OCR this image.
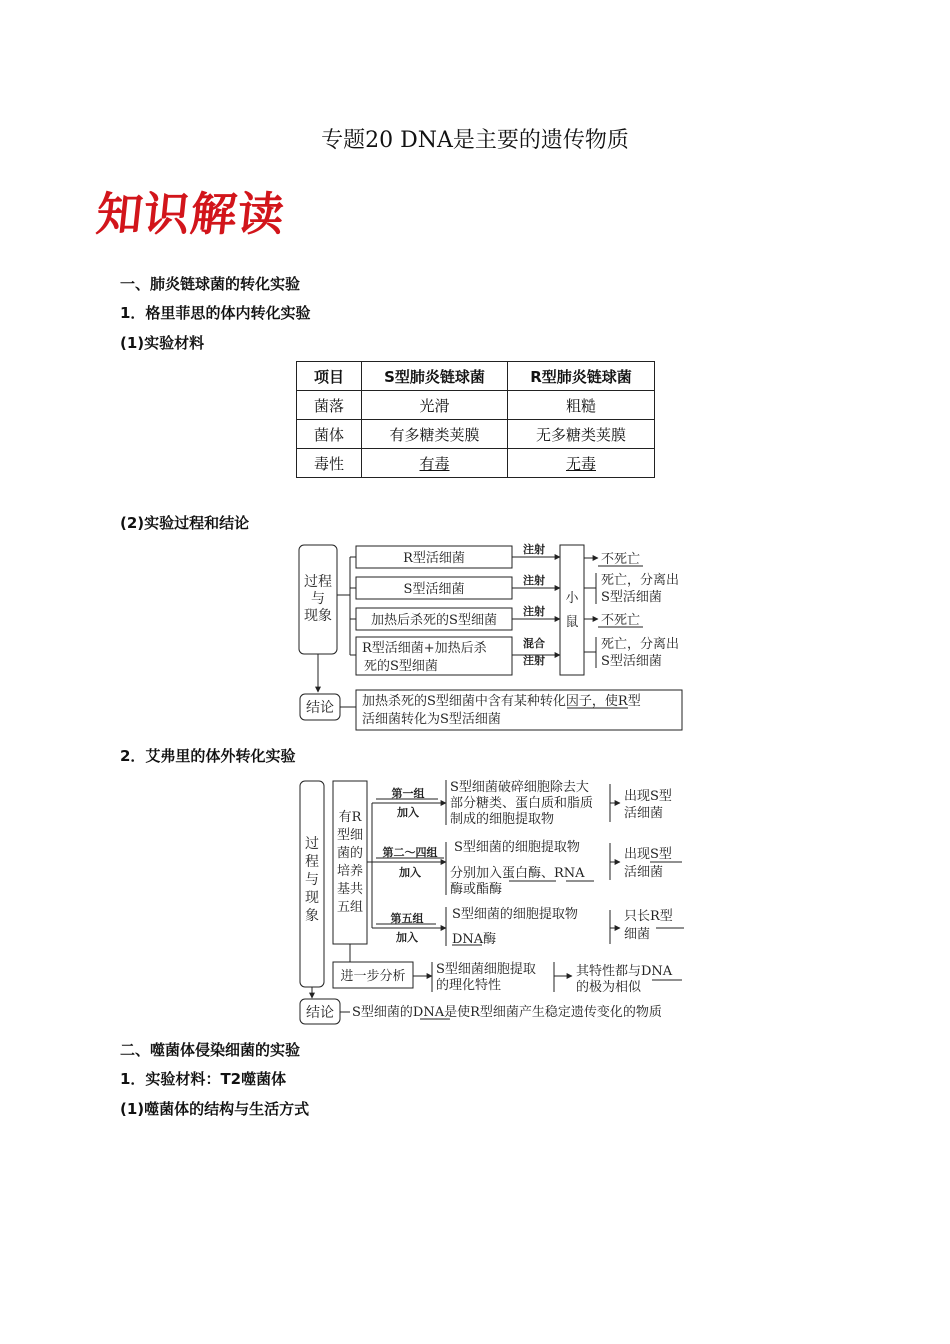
专题20 DNA是主要的遗传物质
知识解读
一、肺炎链球菌的转化实验
1．格里菲思的体内转化实验
(1)实验材料
项目	S型肺炎链球菌	R型肺炎链球菌
菌落	光滑	粗糙
菌体	有多糖类荚膜	无多糖类荚膜
毒性	有毒	无毒
(2)实验过程和结论
过程
与
现象
R型活细菌
S型活细菌
加热后杀死的S型细菌
R型活细菌+加热后杀
死的S型细菌
注射
注射
注射
混合
注射
小
鼠
不死亡
死亡，分离出
S型活细菌
不死亡
死亡，分离出
S型活细菌
结论 加热杀死的S型细菌中含有某种转化因子，使R型
活细菌转化为S型活细菌
2．艾弗里的体外转化实验
过
程
与
现
象
有R
型细
菌的
培养
基共
五组
第一组
加入
S型细菌破碎细胞除去大
部分糖类、蛋白质和脂质
制成的细胞提取物
出现S型
活细菌
第二～四组
加入
S型细菌的细胞提取物
分别加入蛋白酶、RNA
酶或酯酶
出现S型
活细菌
第五组
加入
S型细菌的细胞提取物
DNA酶
只长R型
细菌
进一步分析 S型细菌细胞提取
的理化特性
其特性都与DNA
的极为相似
结论 S型细菌的DNA是使R型细菌产生稳定遗传变化的物质
二、噬菌体侵染细菌的实验
1．实验材料：T2噬菌体
(1)噬菌体的结构与生活方式
